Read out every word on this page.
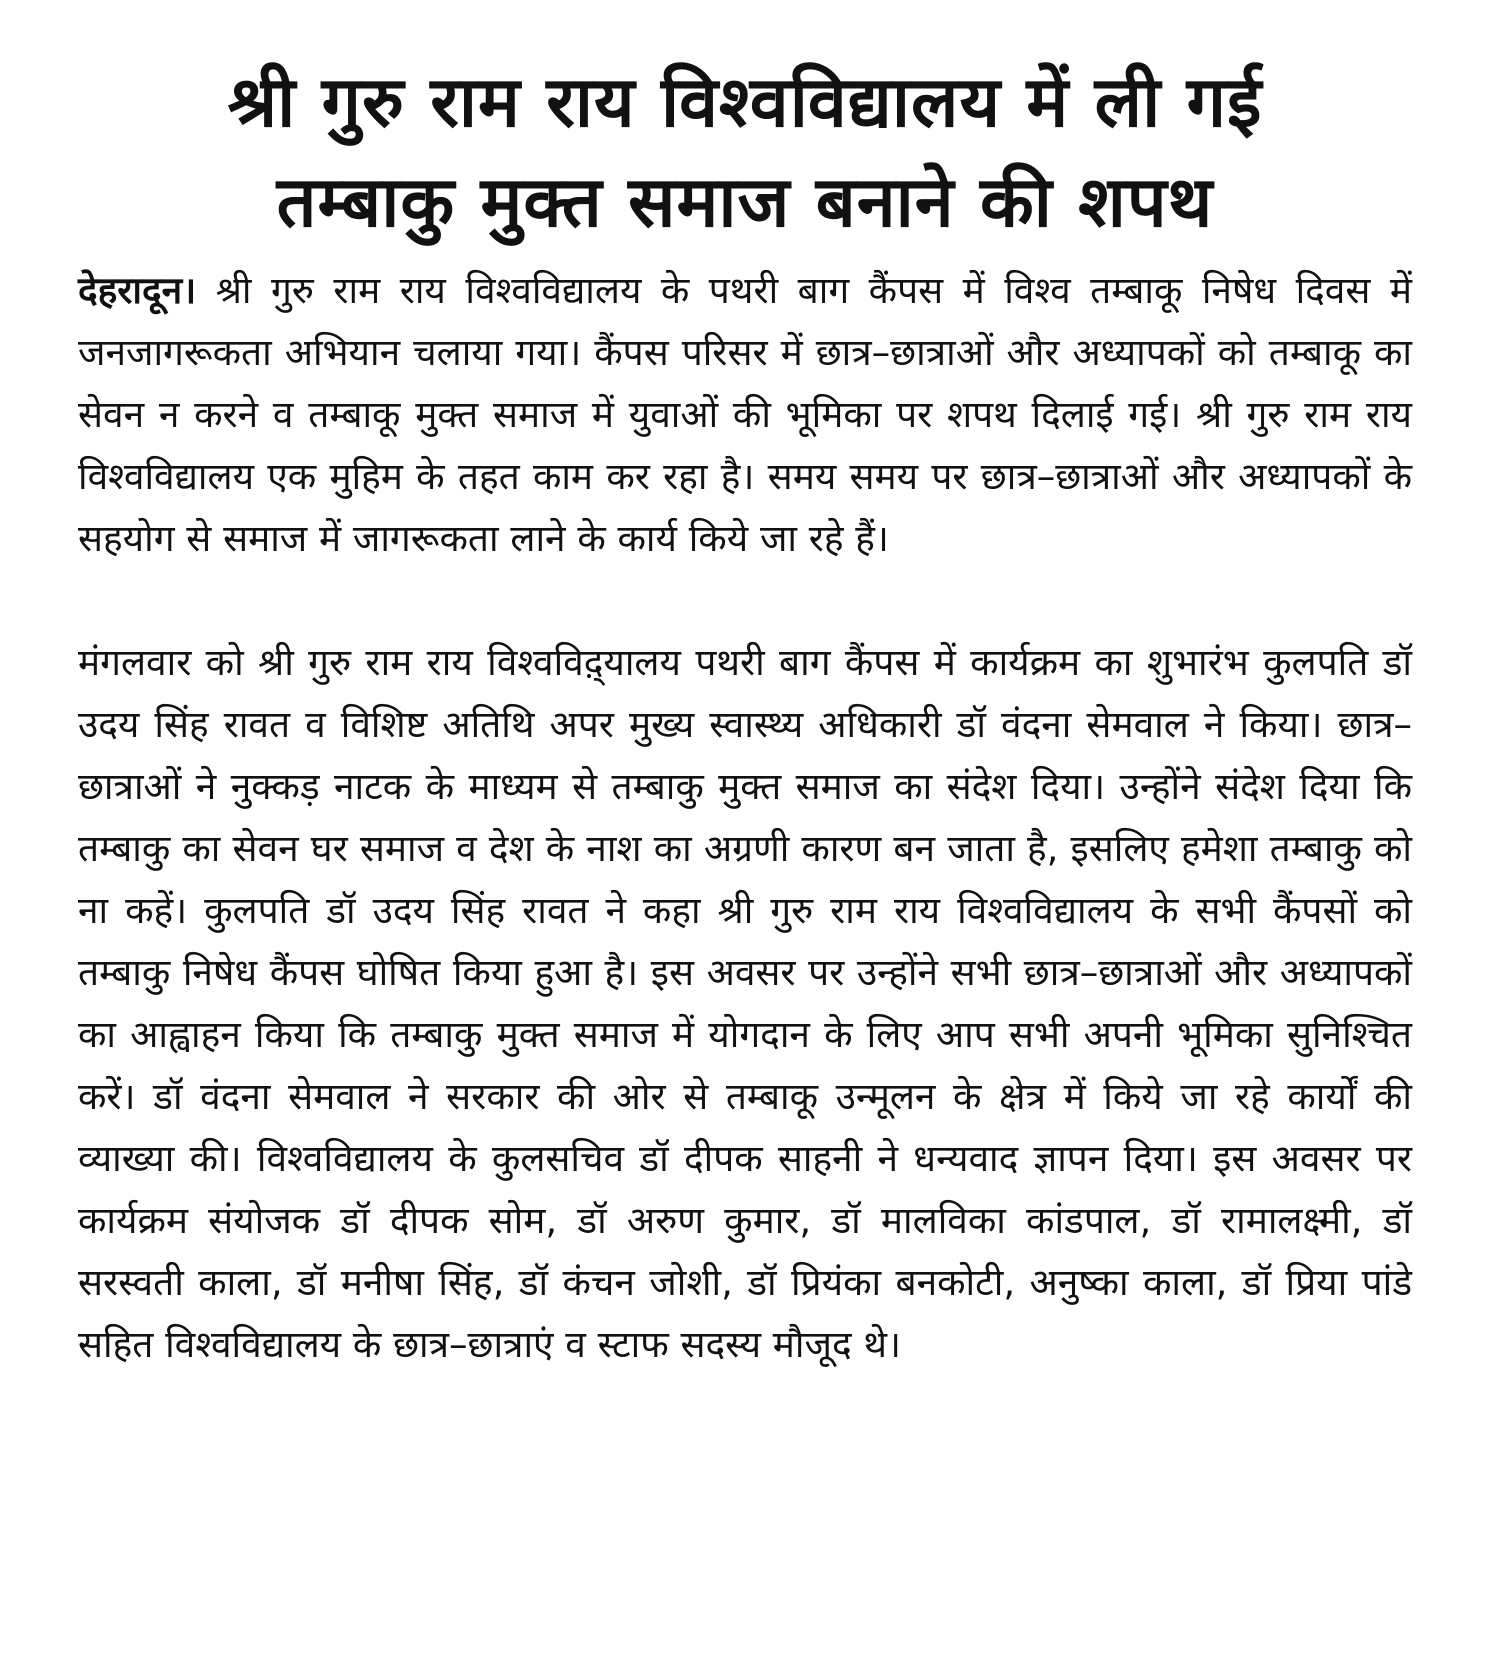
श्री गुरु राम राय विश्वविद्यालय में ली गई
तम्बाकु मुक्त समाज बनाने की शपथ

देहरादून। श्री गुरु राम राय विश्वविद्यालय के पथरी बाग कैंपस में विश्व तम्बाकू निषेध दिवस में जनजागरूकता अभियान चलाया गया। कैंपस परिसर में छात्र–छात्राओं और अध्यापकों को तम्बाकू का सेवन न करने व तम्बाकू मुक्त समाज में युवाओं की भूमिका पर शपथ दिलाई गई। श्री गुरु राम राय विश्वविद्यालय एक मुहिम के तहत काम कर रहा है। समय समय पर छात्र–छात्राओं और अध्यापकों के सहयोग से समाज में जागरूकता लाने के कार्य किये जा रहे हैं।

मंगलवार को श्री गुरु राम राय विश्वविद़्यालय पथरी बाग कैंपस में कार्यक्रम का शुभारंभ कुलपति डॉ उदय सिंह रावत व विशिष्ट अतिथि अपर मुख्य स्वास्थ्य अधिकारी डॉ वंदना सेमवाल ने किया। छात्र–छात्राओं ने नुक्कड़ नाटक के माध्यम से तम्बाकु मुक्त समाज का संदेश दिया। उन्होंने संदेश दिया कि तम्बाकु का सेवन घर समाज व देश के नाश का अग्रणी कारण बन जाता है, इसलिए हमेशा तम्बाकु को ना कहें। कुलपति डॉ उदय सिंह रावत ने कहा श्री गुरु राम राय विश्वविद्यालय के सभी कैंपसों को तम्बाकु निषेध कैंपस घोषित किया हुआ है। इस अवसर पर उन्होंने सभी छात्र–छात्राओं और अध्यापकों का आह्वाहन किया कि तम्बाकु मुक्त समाज में योगदान के लिए आप सभी अपनी भूमिका सुनिश्चित करें। डॉ वंदना सेमवाल ने सरकार की ओर से तम्बाकू उन्मूलन के क्षेत्र में किये जा रहे कार्यों की व्याख्या की। विश्वविद्यालय के कुलसचिव डॉ दीपक साहनी ने धन्यवाद ज्ञापन दिया। इस अवसर पर कार्यक्रम संयोजक डॉ दीपक सोम, डॉ अरुण कुमार, डॉ मालविका कांडपाल, डॉ रामालक्ष्मी, डॉ सरस्वती काला, डॉ मनीषा सिंह, डॉ कंचन जोशी, डॉ प्रियंका बनकोटी, अनुष्का काला, डॉ प्रिया पांडे सहित विश्वविद्यालय के छात्र–छात्राएं व स्टाफ सदस्य मौजूद थे।
